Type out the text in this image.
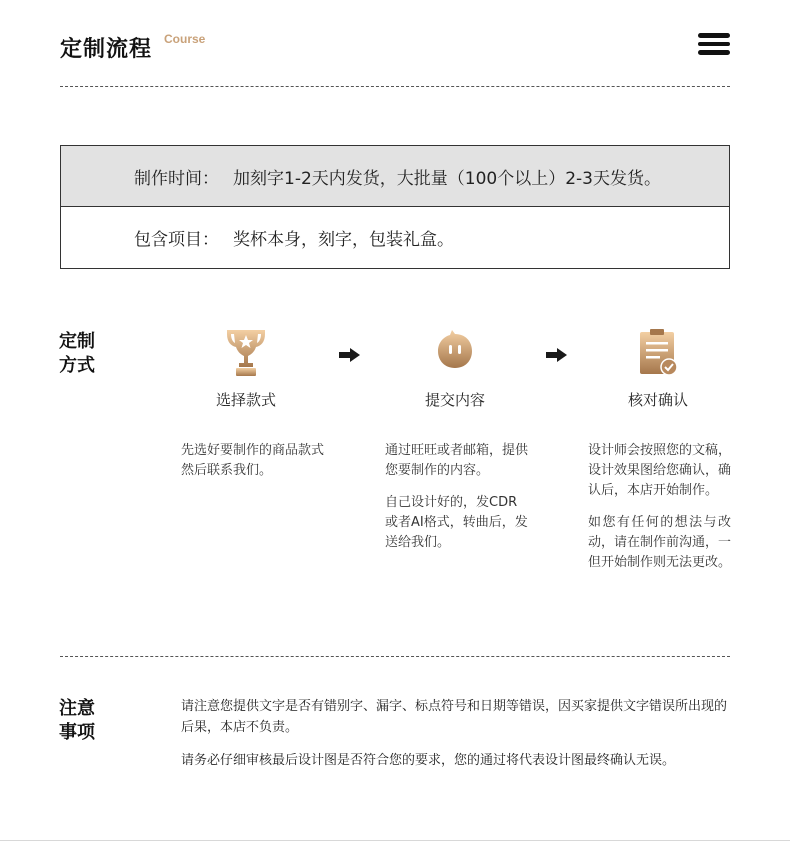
定制流程 Course
制作时间： 加刻字1-2天内发货，大批量（100个以上）2-3天发货。
包含项目： 奖杯本身，刻字，包装礼盒。
定制
方式
选择款式	提交内容	核对确认

先选好要制作的商品款式然后联系我们。

通过旺旺或者邮箱，提供您要制作的内容。

自己设计好的，发CDR或者AI格式，转曲后，发送给我们。

设计师会按照您的文稿，设计效果图给您确认，确认后，本店开始制作。

如您有任何的想法与改动，请在制作前沟通，一但开始制作则无法更改。

注意
事项

请注意您提供文字是否有错别字、漏字、标点符号和日期等错误，因买家提供文字错误所出现的后果，本店不负责。

请务必仔细审核最后设计图是否符合您的要求，您的通过将代表设计图最终确认无误。
